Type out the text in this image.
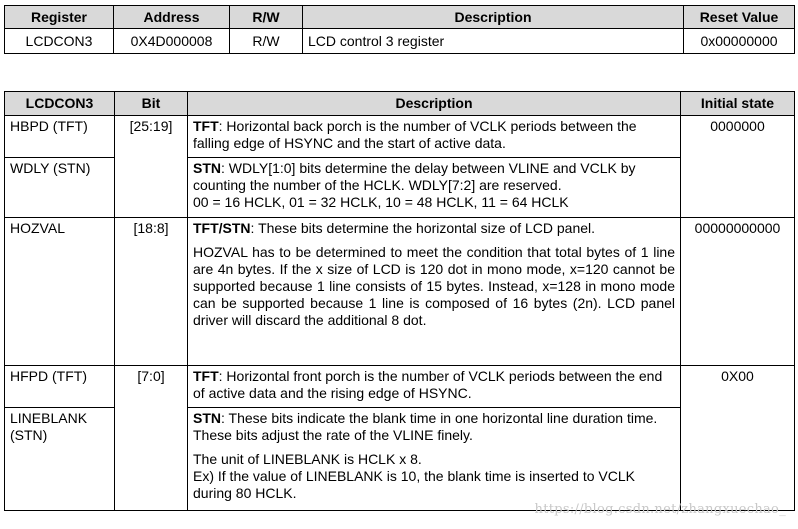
Register	Address	R/W	Description	Reset Value
LCDCON3	0X4D000008	R/W	LCD control 3 register	0x00000000
LCDCON3	Bit	Description	Initial state
HBPD (TFT)	[25:19]	TFT: Horizontal back porch is the number of VCLK periods between the falling edge of HSYNC and the start of active data.	0000000
WDLY (STN)		STN: WDLY[1:0] bits determine the delay between VLINE and VCLK by counting the number of the HCLK. WDLY[7:2] are reserved.

00 = 16 HCLK, 01 = 32 HCLK, 10 = 48 HCLK, 11 = 64 HCLK	

HOZVAL	[18:8]	TFT/STN: These bits determine the horizontal size of LCD panel.

HOZVAL has to be determined to meet the condition that total bytes of 1 line are 4n bytes. If the x size of LCD is 120 dot in mono mode, x=120 cannot be supported because 1 line consists of 15 bytes. Instead, x=128 in mono mode can be supported because 1 line is composed of 16 bytes (2n). LCD panel driver will discard the additional 8 dot.	00000000000
HFPD (TFT)	[7:0]	TFT: Horizontal front porch is the number of VCLK periods between the end of active data and the rising edge of HSYNC.	0X00
LINEBLANK (STN)		STN: These bits indicate the blank time in one horizontal line duration time. These bits adjust the rate of the VLINE finely.

The unit of LINEBLANK is HCLK x 8.

Ex) If the value of LINEBLANK is 10, the blank time is inserted to VCLK during 80 HCLK.	

https://blog.csdn.net/zhangxuechao_
